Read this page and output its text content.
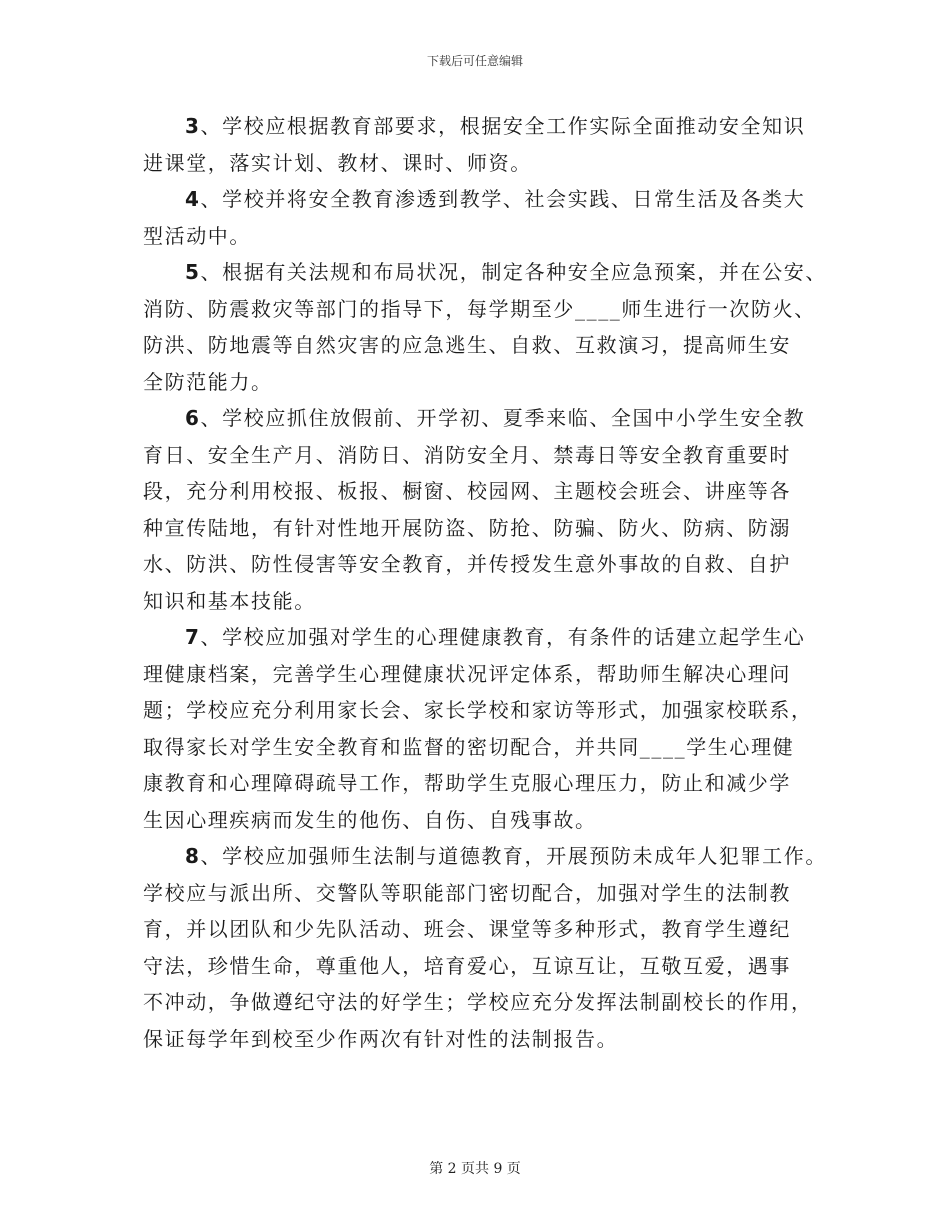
下载后可任意编辑
3、学校应根据教育部要求，根据安全工作实际全面推动安全知识
进课堂，落实计划、教材、课时、师资。
4、学校并将安全教育渗透到教学、社会实践、日常生活及各类大
型活动中。
5、根据有关法规和布局状况，制定各种安全应急预案，并在公安、
消防、防震救灾等部门的指导下，每学期至少____师生进行一次防火、
防洪、防地震等自然灾害的应急逃生、自救、互救演习，提高师生安
全防范能力。
6、学校应抓住放假前、开学初、夏季来临、全国中小学生安全教
育日、安全生产月、消防日、消防安全月、禁毒日等安全教育重要时
段，充分利用校报、板报、橱窗、校园网、主题校会班会、讲座等各
种宣传陆地，有针对性地开展防盗、防抢、防骗、防火、防病、防溺
水、防洪、防性侵害等安全教育，并传授发生意外事故的自救、自护
知识和基本技能。
7、学校应加强对学生的心理健康教育，有条件的话建立起学生心
理健康档案，完善学生心理健康状况评定体系，帮助师生解决心理问
题；学校应充分利用家长会、家长学校和家访等形式，加强家校联系，
取得家长对学生安全教育和监督的密切配合，并共同____学生心理健
康教育和心理障碍疏导工作，帮助学生克服心理压力，防止和减少学
生因心理疾病而发生的他伤、自伤、自残事故。
8、学校应加强师生法制与道德教育，开展预防未成年人犯罪工作。
学校应与派出所、交警队等职能部门密切配合，加强对学生的法制教
育，并以团队和少先队活动、班会、课堂等多种形式，教育学生遵纪
守法，珍惜生命，尊重他人，培育爱心，互谅互让，互敬互爱，遇事
不冲动，争做遵纪守法的好学生；学校应充分发挥法制副校长的作用，
保证每学年到校至少作两次有针对性的法制报告。
第 2 页共 9 页
